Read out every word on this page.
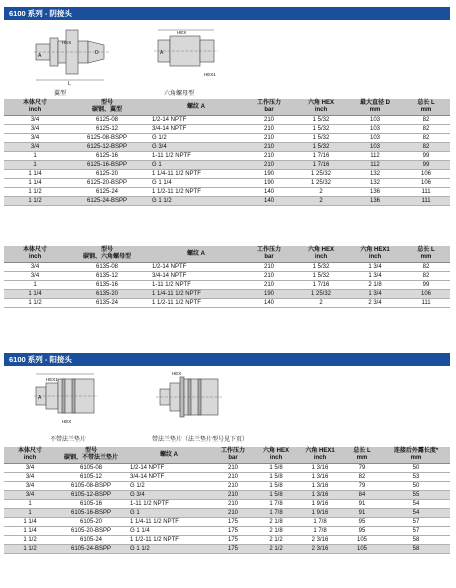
6100 系列 - 阴接头
HEX
D
A
L
翼型
HEX
HEX1
A
六角螺母型
本体尺寸
inch	型号
碳钢、翼型	螺纹 A	工作压力
bar	六角 HEX
inch	最大直径 D
mm	总长 L
mm
3/4	6125-08	1/2-14 NPTF	210	1 5/32	103	82
3/4	6125-12	3/4-14 NPTF	210	1 5/32	103	82
3/4	6125-08-BSPP	G 1/2	210	1 5/32	103	82
3/4	6125-12-BSPP	G 3/4	210	1 5/32	103	82
1	6125-16	1-11 1/2 NPTF	210	1 7/16	112	99
1	6125-16-BSPP	G 1	210	1 7/16	112	99
1 1/4	6125-20	1 1/4-11 1/2 NPTF	190	1 25/32	132	106
1 1/4	6125-20-BSPP	G 1 1/4	190	1 25/32	132	106
1 1/2	6125-24	1 1/2-11 1/2 NPTF	140	2	136	111
1 1/2	6125-24-BSPP	G 1 1/2	140	2	136	111
本体尺寸
inch	型号
碳钢、六角螺母型	螺纹 A	工作压力
bar	六角 HEX
inch	六角 HEX1
inch	总长 L
mm
3/4	6135-08	1/2-14 NPTF	210	1 5/32	1 3/4	82
3/4	6135-12	3/4-14 NPTF	210	1 5/32	1 3/4	82
1	6135-16	1-11 1/2 NPTF	210	1 7/16	2 1/8	99
1 1/4	6135-20	1 1/4-11 1/2 NPTF	190	1 25/32	1 3/4	106
1 1/2	6135-24	1 1/2-11 1/2 NPTF	140	2	2 3/4	111
6100 系列 - 阳接头
HEX1
HEX
A
不带法兰垫片
HEX
带法兰垫片（法兰垫片型号见下页）
本体尺寸
inch	型号
碳钢、不带法兰垫片	螺纹 A	工作压力
bar	六角 HEX
inch	六角 HEX1
inch	总长 L
mm	连接后外露长度*
mm
3/4	6105-08	1/2-14 NPTF	210	1 5/8	1 3/16	79	50
3/4	6105-12	3/4-14 NPTF	210	1 5/8	1 3/16	82	53
3/4	6105-08-BSPP	G 1/2	210	1 5/8	1 3/16	79	50
3/4	6105-12-BSPP	G 3/4	210	1 5/8	1 3/16	84	55
1	6105-16	1-11 1/2 NPTF	210	1 7/8	1 9/16	91	54
1	6105-16-BSPP	G 1	210	1 7/8	1 9/16	91	54
1 1/4	6105-20	1 1/4-11 1/2 NPTF	175	2 1/8	1 7/8	95	57
1 1/4	6105-20-BSPP	G 1 1/4	175	2 1/8	1 7/8	95	57
1 1/2	6105-24	1 1/2-11 1/2 NPTF	175	2 1/2	2 3/16	105	58
1 1/2	6105-24-BSPP	G 1 1/2	175	2 1/2	2 3/16	105	58
